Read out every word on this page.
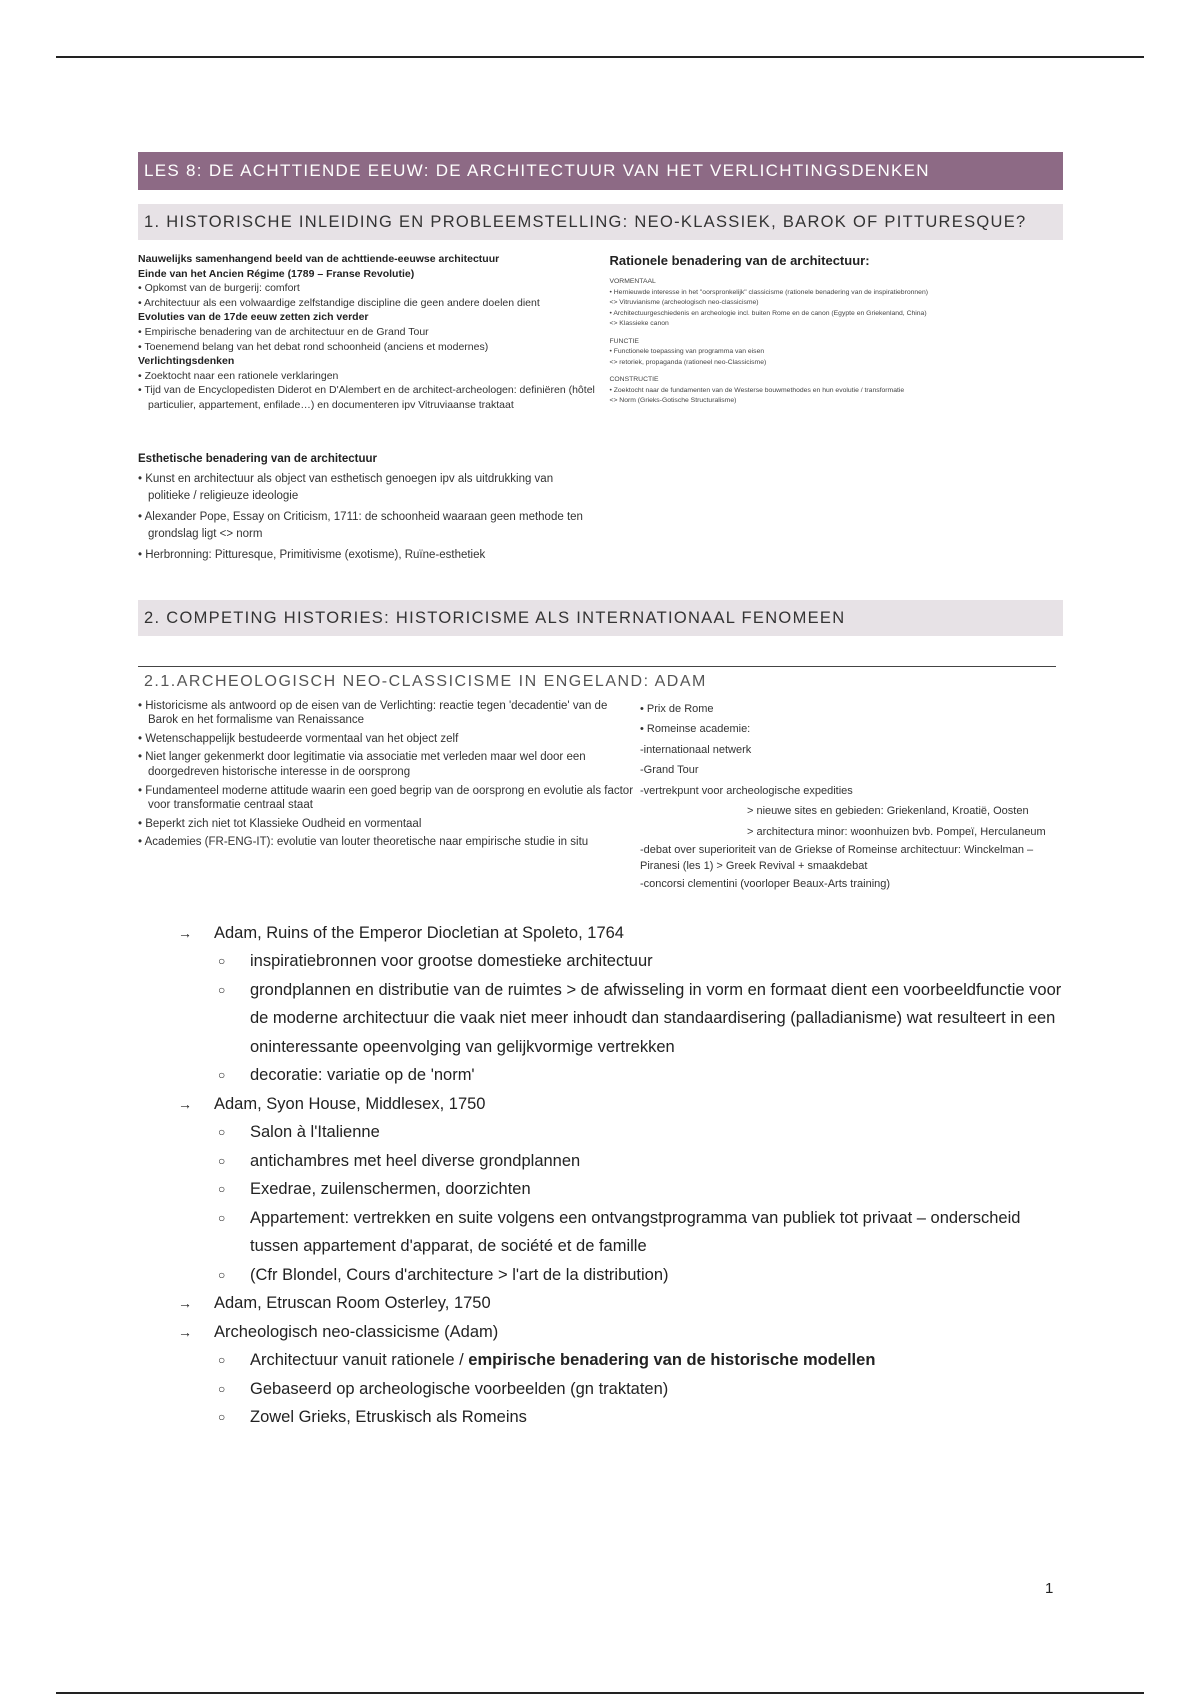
LES 8: DE ACHTTIENDE EEUW: DE ARCHITECTUUR VAN HET VERLICHTINGSDENKEN
1. HISTORISCHE INLEIDING EN PROBLEEMSTELLING: NEO-KLASSIEK, BAROK OF PITTURESQUE?
Nauwelijks samenhangend beeld van de achttiende-eeuwse architectuur
Einde van het Ancien Régime (1789 – Franse Revolutie)
• Opkomst van de burgerij: comfort
• Architectuur als een volwaardige zelfstandige discipline die geen andere doelen dient
Evoluties van de 17de eeuw zetten zich verder
• Empirische benadering van de architectuur en de Grand Tour
• Toenemend belang van het debat rond schoonheid (anciens et modernes)
Verlichtingsdenken
• Zoektocht naar een rationele verklaringen
• Tijd van de Encyclopedisten Diderot en D'Alembert en de architect-archeologen: definiëren (hôtel particulier, appartement, enfilade…) en documenteren ipv Vitruviaanse traktaat
Rationele benadering van de architectuur:
VORMENTAAL
• Hernieuwde interesse in het "oorspronkelijk" classicisme (rationele benadering van de inspiratiebronnen)
<> Vitruvianisme (archeologisch neo-classicisme)
• Architectuurgeschiedenis en archeologie incl. buiten Rome en de canon (Egypte en Griekenland, China)
<> Klassieke canon
FUNCTIE
• Functionele toepassing van programma van eisen
<> retoriek, propaganda (rationeel neo-Classicisme)
CONSTRUCTIE
• Zoektocht naar de fundamenten van de Westerse bouwmethodes en hun evolutie / transformatie
<> Norm (Grieks-Gotische Structuralisme)
Esthetische benadering van de architectuur
• Kunst en architectuur als object van esthetisch genoegen ipv als uitdrukking van politieke / religieuze ideologie
• Alexander Pope, Essay on Criticism, 1711: de schoonheid waaraan geen methode ten grondslag ligt <> norm
• Herbronning: Pitturesque, Primitivisme (exotisme), Ruïne-esthetiek
2. COMPETING HISTORIES: HISTORICISME ALS INTERNATIONAAL FENOMEEN
2.1.ARCHEOLOGISCH NEO-CLASSICISME IN ENGELAND: ADAM
• Historicisme als antwoord op de eisen van de Verlichting: reactie tegen 'decadentie' van de Barok en het formalisme van Renaissance
• Wetenschappelijk bestudeerde vormentaal van het object zelf
• Niet langer gekenmerkt door legitimatie via associatie met verleden maar wel door een doorgedreven historische interesse in de oorsprong
• Fundamenteel moderne attitude waarin een goed begrip van de oorsprong en evolutie als factor voor transformatie centraal staat
• Beperkt zich niet tot Klassieke Oudheid en vormentaal
• Academies (FR-ENG-IT): evolutie van louter theoretische naar empirische studie in situ
• Prix de Rome
• Romeinse academie:
-internationaal netwerk
-Grand Tour
-vertrekpunt voor archeologische expedities
> nieuwe sites en gebieden: Griekenland, Kroatië, Oosten
> architectura minor: woonhuizen bvb. Pompeï, Herculaneum
-debat over superioriteit van de Griekse of Romeinse architectuur: Winckelman – Piranesi (les 1) > Greek Revival + smaakdebat
-concorsi clementini (voorloper Beaux-Arts training)
→ Adam, Ruins of the Emperor Diocletian at Spoleto, 1764
○ inspiratiebronnen voor grootse domestieke architectuur
○ grondplannen en distributie van de ruimtes > de afwisseling in vorm en formaat dient een voorbeeldfunctie voor de moderne architectuur die vaak niet meer inhoudt dan standaardisering (palladianisme) wat resulteert in een oninteressante opeenvolging van gelijkvormige vertrekken
○ decoratie: variatie op de 'norm'
→ Adam, Syon House, Middlesex, 1750
○ Salon à l'Italienne
○ antichambres met heel diverse grondplannen
○ Exedrae, zuilenschermen, doorzichten
○ Appartement: vertrekken en suite volgens een ontvangstprogramma van publiek tot privaat – onderscheid tussen appartement d'apparat, de société et de famille
○ (Cfr Blondel, Cours d'architecture > l'art de la distribution)
→ Adam, Etruscan Room Osterley, 1750
→ Archeologisch neo-classicisme (Adam)
○ Architectuur vanuit rationele / empirische benadering van de historische modellen
○ Gebaseerd op archeologische voorbeelden (gn traktaten)
○ Zowel Grieks, Etruskisch als Romeins
1
